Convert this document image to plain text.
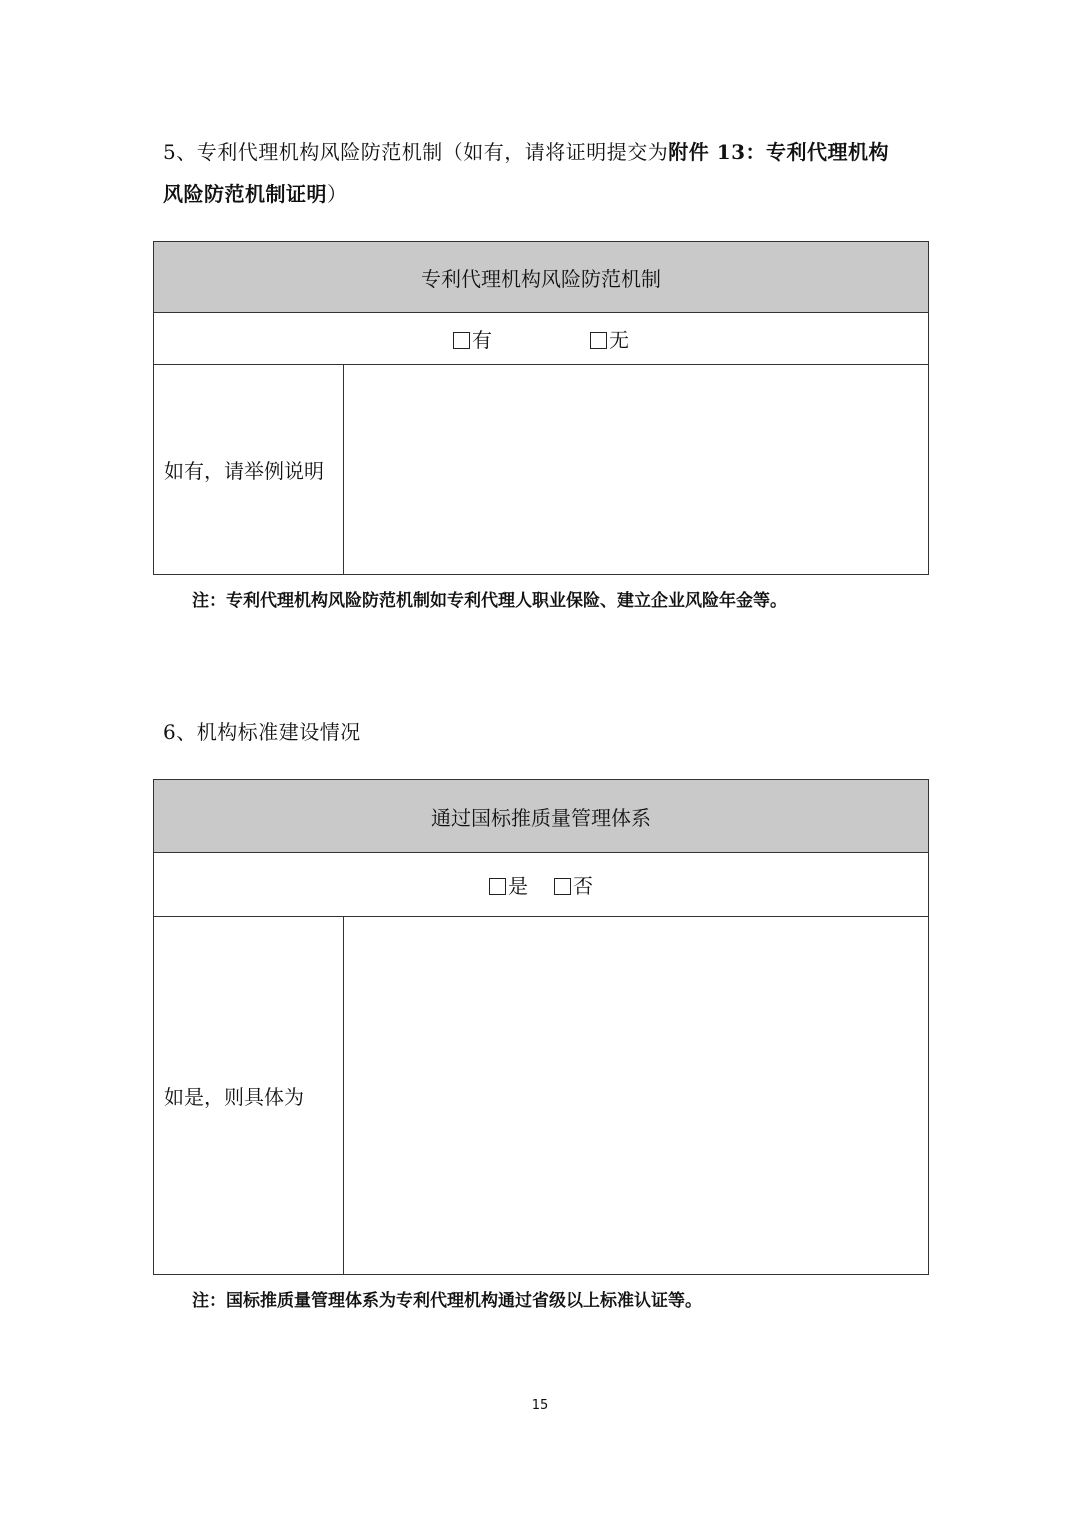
5、专利代理机构风险防范机制（如有，请将证明提交为附件 13：专利代理机构
风险防范机制证明）
专利代理机构风险防范机制
有	无
如有，请举例说明	
注：专利代理机构风险防范机制如专利代理人职业保险、建立企业风险年金等。
6、机构标准建设情况
通过国标推质量管理体系
是 否
如是，则具体为	
注：国标推质量管理体系为专利代理机构通过省级以上标准认证等。
15
